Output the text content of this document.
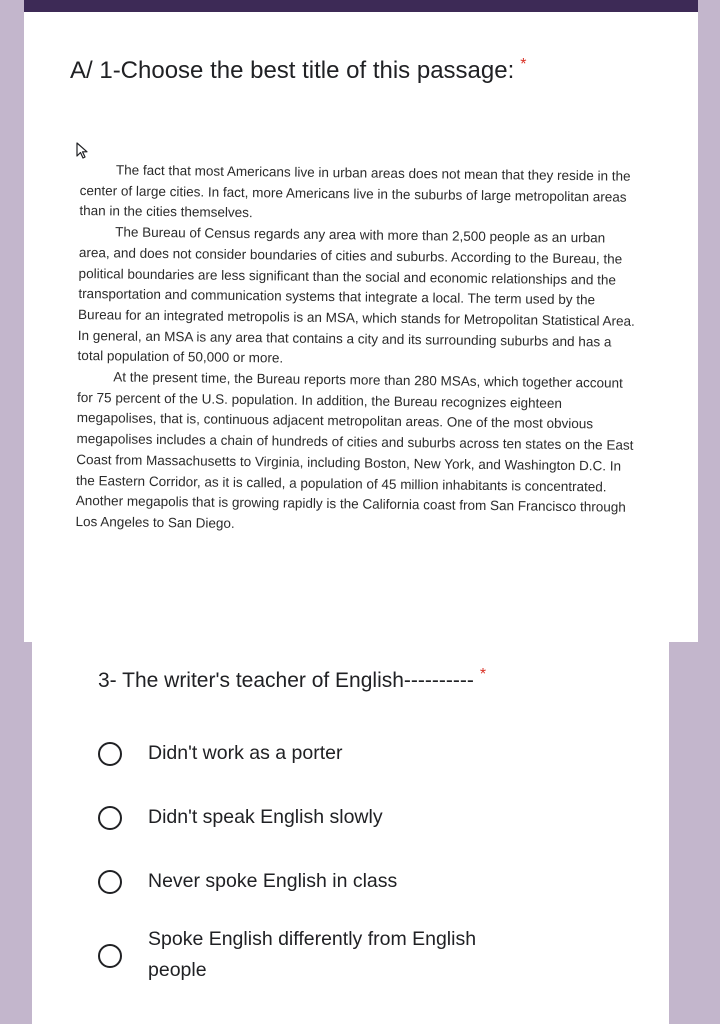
A/ 1-Choose the best title of this passage: *

The fact that most Americans live in urban areas does not mean that they reside in the center of large cities. In fact, more Americans live in the suburbs of large metropolitan areas than in the cities themselves.

The Bureau of Census regards any area with more than 2,500 people as an urban area, and does not consider boundaries of cities and suburbs. According to the Bureau, the political boundaries are less significant than the social and economic relationships and the transportation and communication systems that integrate a local. The term used by the Bureau for an integrated metropolis is an MSA, which stands for Metropolitan Statistical Area. In general, an MSA is any area that contains a city and its surrounding suburbs and has a total population of 50,000 or more.

At the present time, the Bureau reports more than 280 MSAs, which together account for 75 percent of the U.S. population. In addition, the Bureau recognizes eighteen megapolises, that is, continuous adjacent metropolitan areas. One of the most obvious megapolises includes a chain of hundreds of cities and suburbs across ten states on the East Coast from Massachusetts to Virginia, including Boston, New York, and Washington D.C. In the Eastern Corridor, as it is called, a population of 45 million inhabitants is concentrated. Another megapolis that is growing rapidly is the California coast from San Francisco through Los Angeles to San Diego.

3- The writer's teacher of English---------- *
Didn't work as a porter
Didn't speak English slowly
Never spoke English in class
Spoke English differently from English people
